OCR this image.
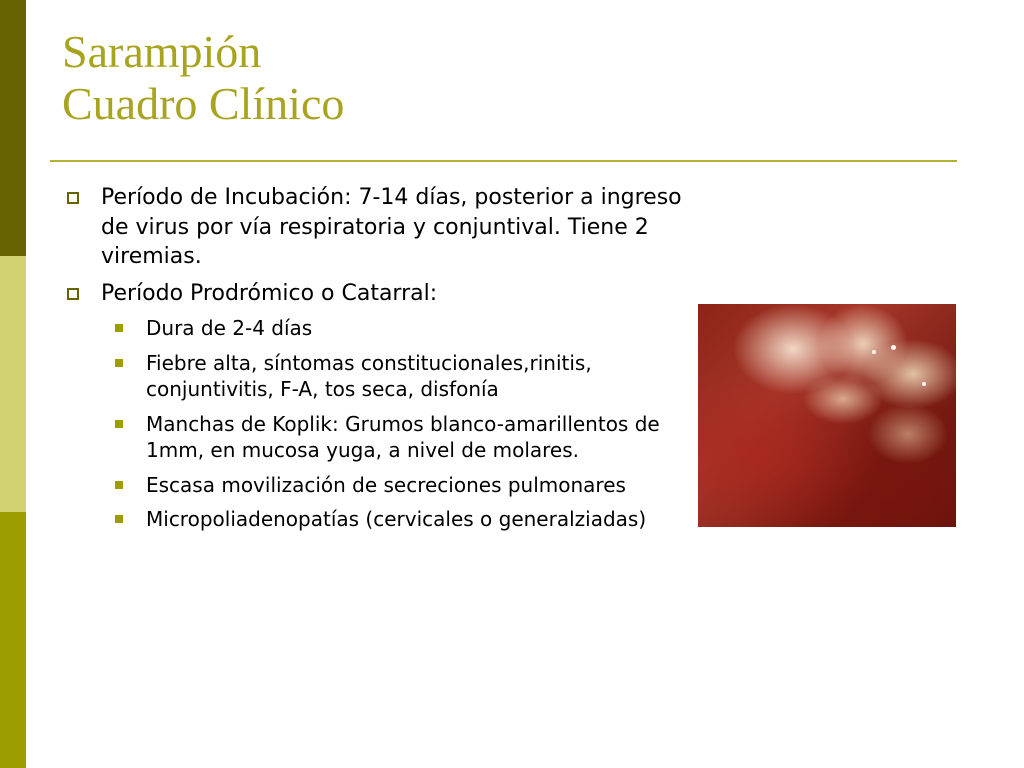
Sarampión
Cuadro Clínico
Período de Incubación: 7-14 días, posterior a ingreso de virus por vía respiratoria y conjuntival. Tiene 2 viremias.
Período Prodrómico o Catarral:
Dura de 2-4 días
Fiebre alta, síntomas constitucionales,rinitis, conjuntivitis, F-A, tos seca, disfonía
Manchas de Koplik: Grumos blanco-amarillentos de 1mm, en mucosa yuga, a nivel de molares.
Escasa movilización de secreciones pulmonares
Micropoliadenopatías (cervicales o generalziadas)
